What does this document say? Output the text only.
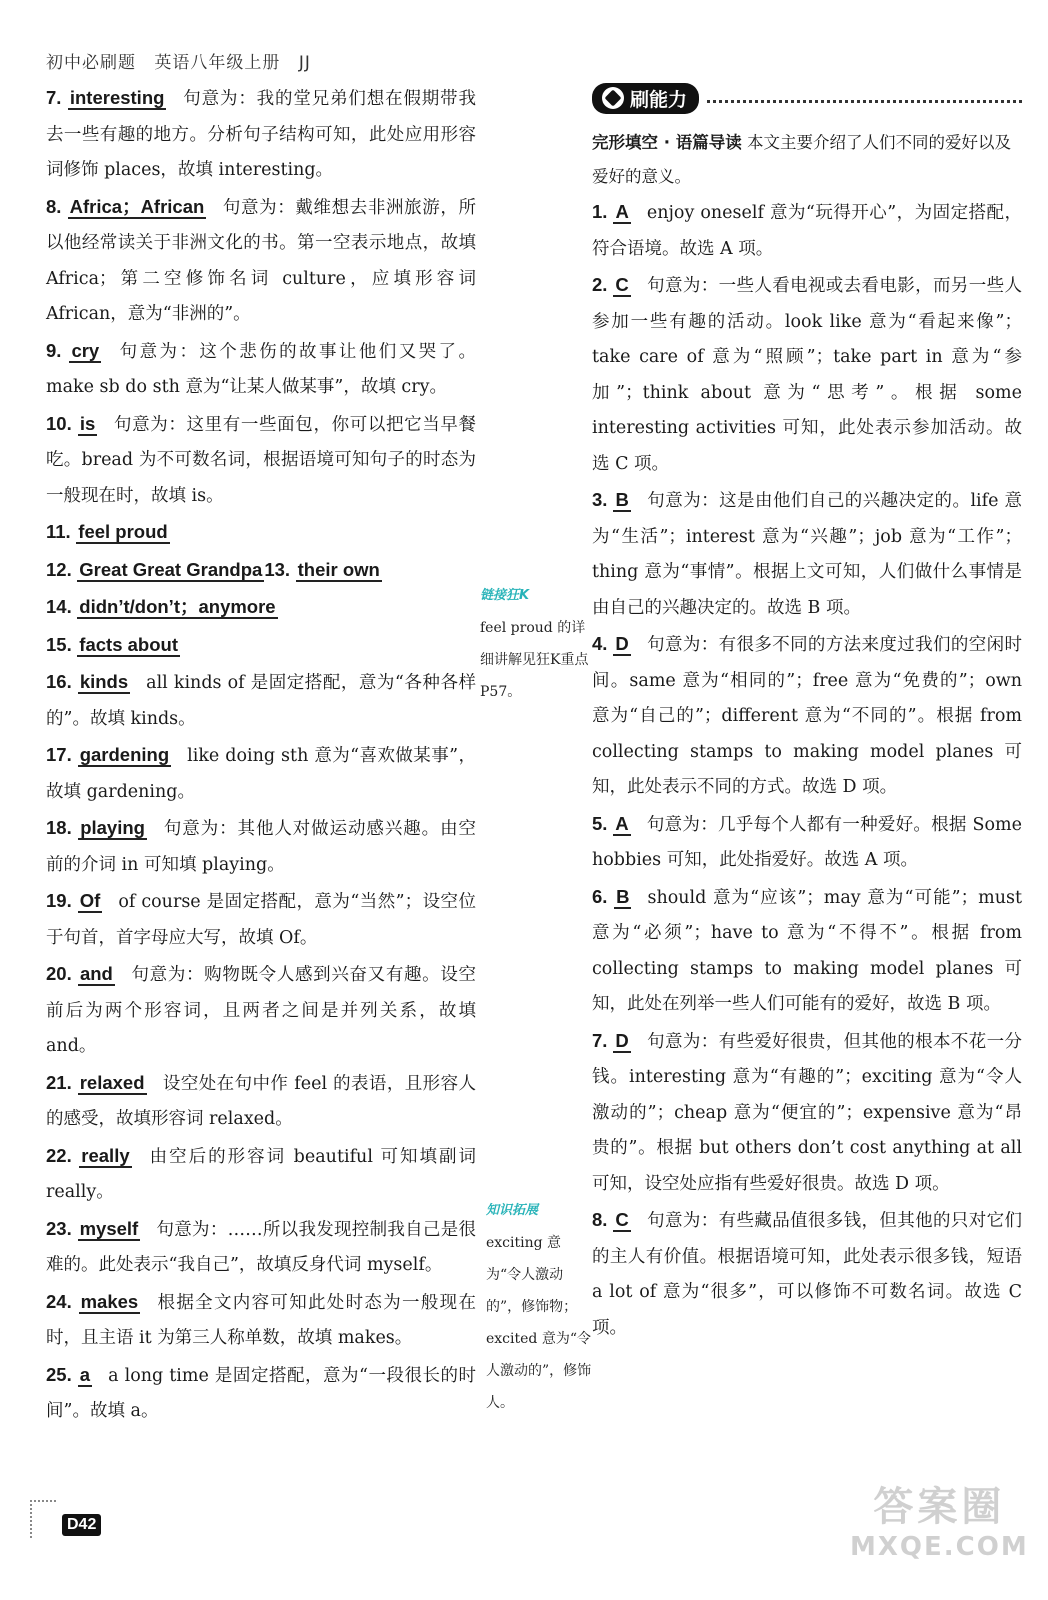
初中必刷题 英语八年级上册 JJ
7. interesting 句意为：我的堂兄弟们想在假期带我去一些有趣的地方。分析句子结构可知，此处应用形容词修饰 places，故填 interesting。
8. Africa；African 句意为：戴维想去非洲旅游，所以他经常读关于非洲文化的书。第一空表示地点，故填 Africa；第二空修饰名词 culture，应填形容词 African，意为“非洲的”。
9. cry 句意为：这个悲伤的故事让他们又哭了。make sb do sth 意为“让某人做某事”，故填 cry。
10. is 句意为：这里有一些面包，你可以把它当早餐吃。bread 为不可数名词，根据语境可知句子的时态为一般现在时，故填 is。
11. feel proud
12. Great Great Grandpa 13. their own
14. didn’t/don’t；anymore
15. facts about
16. kinds all kinds of 是固定搭配，意为“各种各样的”。故填 kinds。
17. gardening like doing sth 意为“喜欢做某事”，故填 gardening。
18. playing 句意为：其他人对做运动感兴趣。由空前的介词 in 可知填 playing。
19. Of of course 是固定搭配，意为“当然”；设空位于句首，首字母应大写，故填 Of。
20. and 句意为：购物既令人感到兴奋又有趣。设空前后为两个形容词，且两者之间是并列关系，故填 and。
21. relaxed 设空处在句中作 feel 的表语，且形容人的感受，故填形容词 relaxed。
22. really 由空后的形容词 beautiful 可知填副词 really。
23. myself 句意为：……所以我发现控制我自己是很难的。此处表示“我自己”，故填反身代词 myself。
24. makes 根据全文内容可知此处时态为一般现在时，且主语 it 为第三人称单数，故填 makes。
25. a a long time 是固定搭配，意为“一段很长的时间”。故填 a。
链接狂K
feel proud 的详细讲解见狂K重点 P57。
知识拓展
exciting 意为“令人激动的”，修饰物；excited 意为“令人激动的”，修饰人。
刷能力
完形填空 · 语篇导读 本文主要介绍了人们不同的爱好以及爱好的意义。
1. A enjoy oneself 意为“玩得开心”，为固定搭配，符合语境。故选 A 项。
2. C 句意为：一些人看电视或去看电影，而另一些人参加一些有趣的活动。look like 意为“看起来像”；take care of 意为“照顾”；take part in 意为“参加”；think about 意为“思考”。根据 some interesting activities 可知，此处表示参加活动。故选 C 项。
3. B 句意为：这是由他们自己的兴趣决定的。life 意为“生活”；interest 意为“兴趣”；job 意为“工作”；thing 意为“事情”。根据上文可知，人们做什么事情是由自己的兴趣决定的。故选 B 项。
4. D 句意为：有很多不同的方法来度过我们的空闲时间。same 意为“相同的”；free 意为“免费的”；own 意为“自己的”；different 意为“不同的”。根据 from collecting stamps to making model planes 可知，此处表示不同的方式。故选 D 项。
5. A 句意为：几乎每个人都有一种爱好。根据 Some hobbies 可知，此处指爱好。故选 A 项。
6. B should 意为“应该”；may 意为“可能”；must 意为“必须”；have to 意为“不得不”。根据 from collecting stamps to making model planes 可知，此处在列举一些人们可能有的爱好，故选 B 项。
7. D 句意为：有些爱好很贵，但其他的根本不花一分钱。interesting 意为“有趣的”；exciting 意为“令人激动的”；cheap 意为“便宜的”；expensive 意为“昂贵的”。根据 but others don’t cost anything at all 可知，设空处应指有些爱好很贵。故选 D 项。
8. C 句意为：有些藏品值很多钱，但其他的只对它们的主人有价值。根据语境可知，此处表示很多钱，短语 a lot of 意为“很多”，可以修饰不可数名词。故选 C 项。
D42	答案圈
MXQE.COM
